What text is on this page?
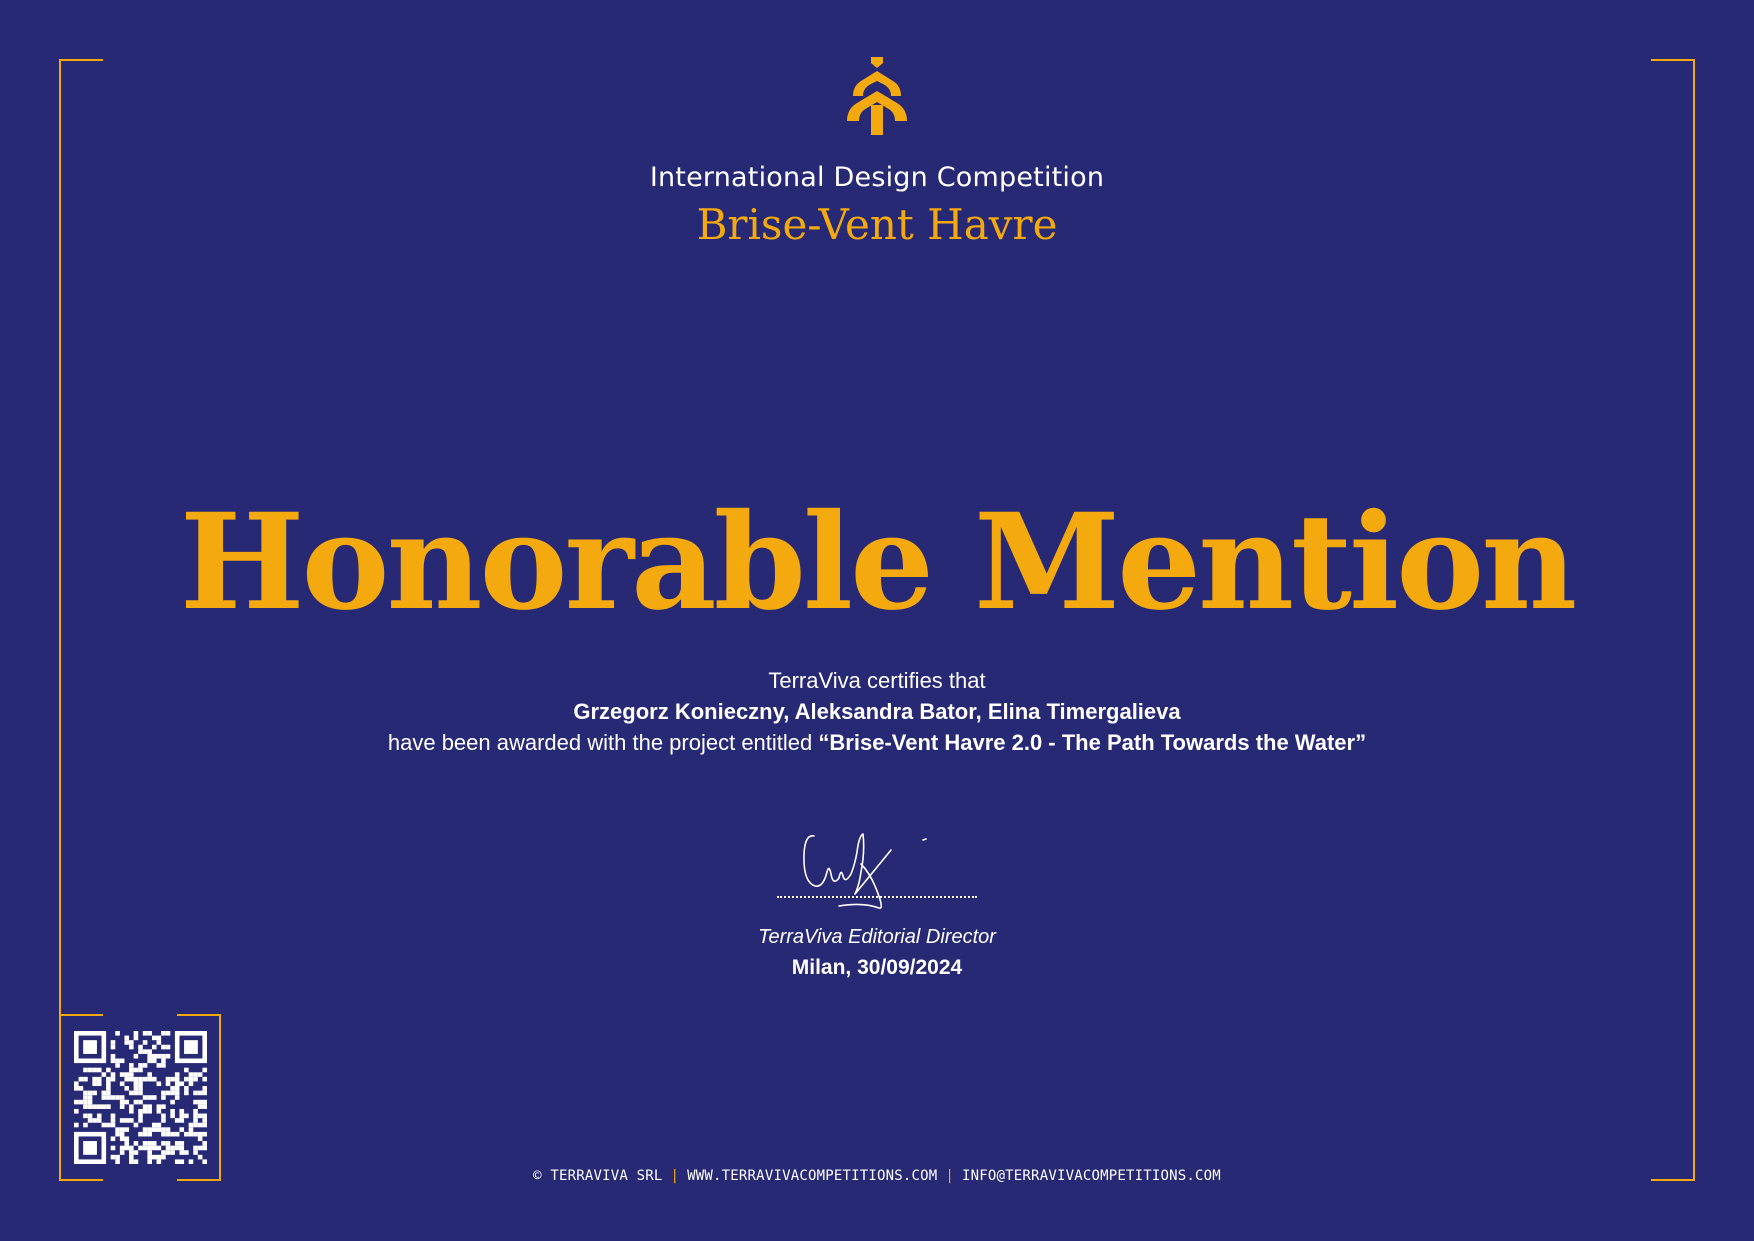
International Design Competition
Brise-Vent Havre
Honorable Mention
TerraViva certifies that
Grzegorz Konieczny, Aleksandra Bator, Elina Timergalieva
have been awarded with the project entitled “Brise-Vent Havre 2.0 - The Path Towards the Water”
TerraViva Editorial Director
Milan, 30/09/2024
© TERRAVIVA SRL | WWW.TERRAVIVACOMPETITIONS.COM | INFO@TERRAVIVACOMPETITIONS.COM
